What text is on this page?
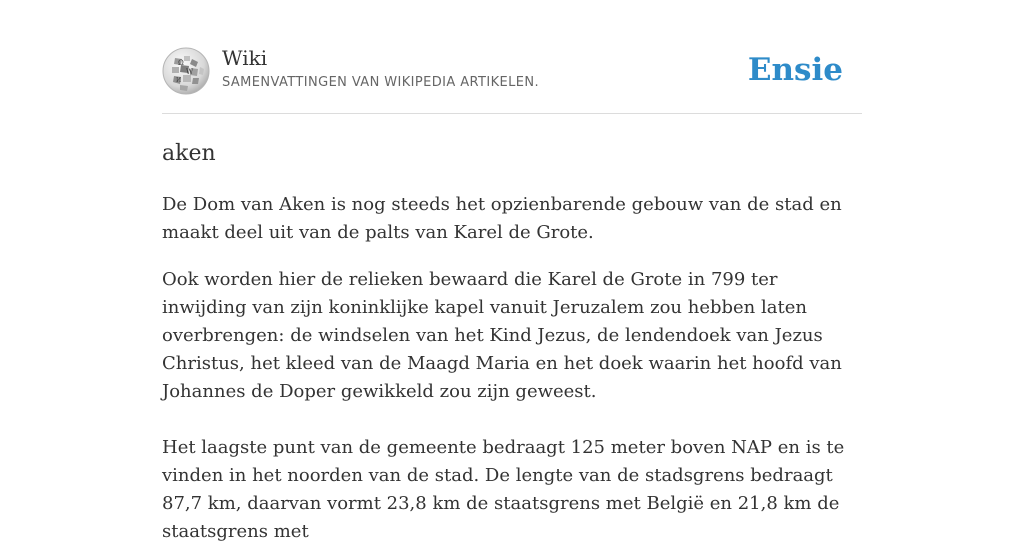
Ω
W
И
Wiki
SAMENVATTINGEN VAN WIKIPEDIA ARTIKELEN.	Ensie
aken

De Dom van Aken is nog steeds het opzienbarende gebouw van de stad en maakt deel uit van de palts van Karel de Grote.

Ook worden hier de relieken bewaard die Karel de Grote in 799 ter inwijding van zijn koninklijke kapel vanuit Jeruzalem zou hebben laten overbrengen: de windselen van het Kind Jezus, de lendendoek van Jezus Christus, het kleed van de Maagd Maria en het doek waarin het hoofd van Johannes de Doper gewikkeld zou zijn geweest.

Het laagste punt van de gemeente bedraagt 125 meter boven NAP en is te vinden in het noorden van de stad. De lengte van de stadsgrens bedraagt 87,7 km, daarvan vormt 23,8 km de staatsgrens met België en 21,8 km de staatsgrens met
